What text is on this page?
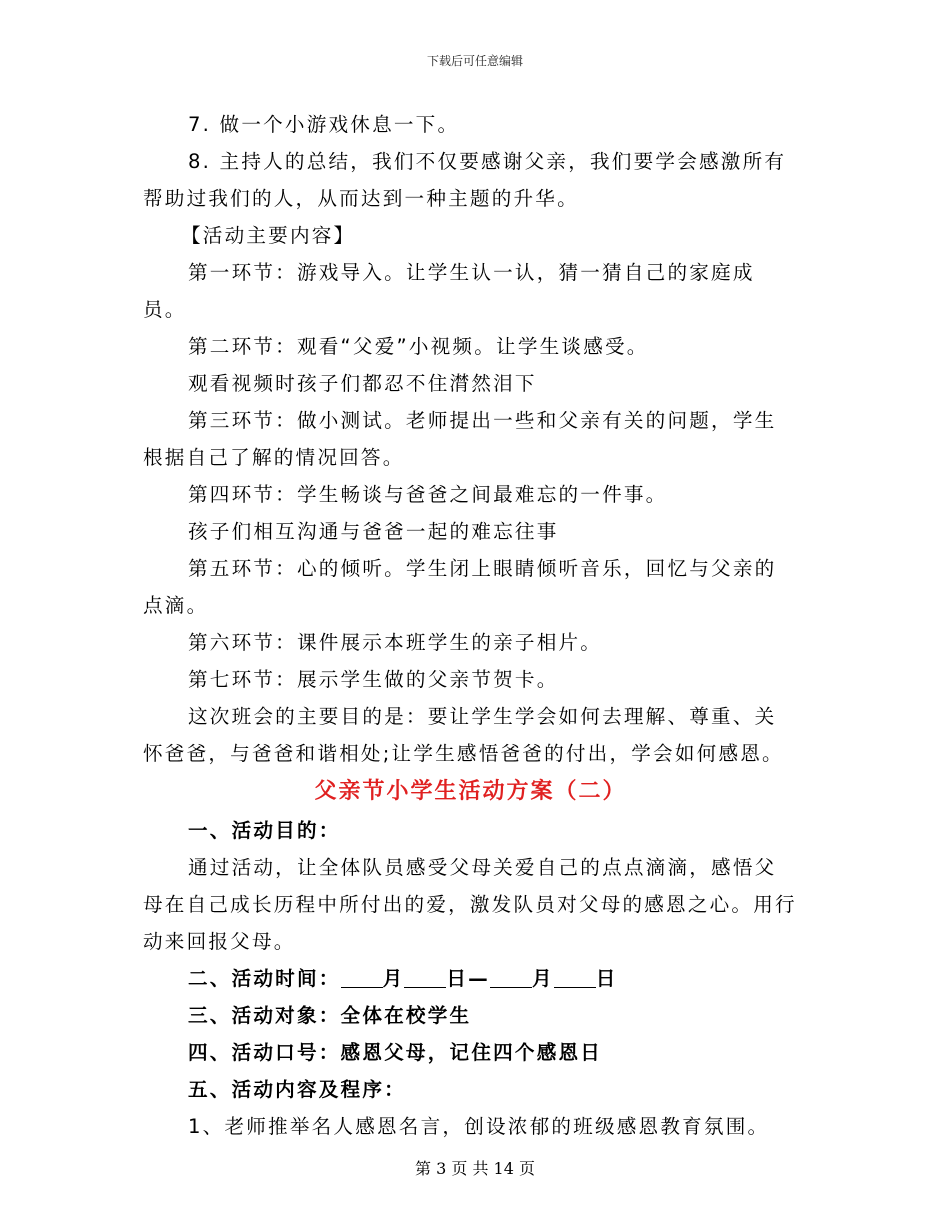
下载后可任意编辑

7. 做一个小游戏休息一下。

8. 主持人的总结，我们不仅要感谢父亲，我们要学会感激所有帮助过我们的人，从而达到一种主题的升华。

【活动主要内容】

第一环节：游戏导入。让学生认一认，猜一猜自己的家庭成员。

第二环节：观看“父爱”小视频。让学生谈感受。

观看视频时孩子们都忍不住潸然泪下

第三环节：做小测试。老师提出一些和父亲有关的问题，学生根据自己了解的情况回答。

第四环节：学生畅谈与爸爸之间最难忘的一件事。

孩子们相互沟通与爸爸一起的难忘往事

第五环节：心的倾听。学生闭上眼睛倾听音乐，回忆与父亲的点滴。

第六环节：课件展示本班学生的亲子相片。

第七环节：展示学生做的父亲节贺卡。

这次班会的主要目的是：要让学生学会如何去理解、尊重、关怀爸爸，与爸爸和谐相处;让学生感悟爸爸的付出，学会如何感恩。

父亲节小学生活动方案（二）

一、活动目的：

通过活动，让全体队员感受父母关爱自己的点点滴滴，感悟父母在自己成长历程中所付出的爱，激发队员对父母的感恩之心。用行动来回报父母。

二、活动时间： 月 日— 月 日

三、活动对象：全体在校学生

四、活动口号：感恩父母，记住四个感恩日

五、活动内容及程序：

1、老师推举名人感恩名言，创设浓郁的班级感恩教育氛围。

第 3 页 共 14 页
